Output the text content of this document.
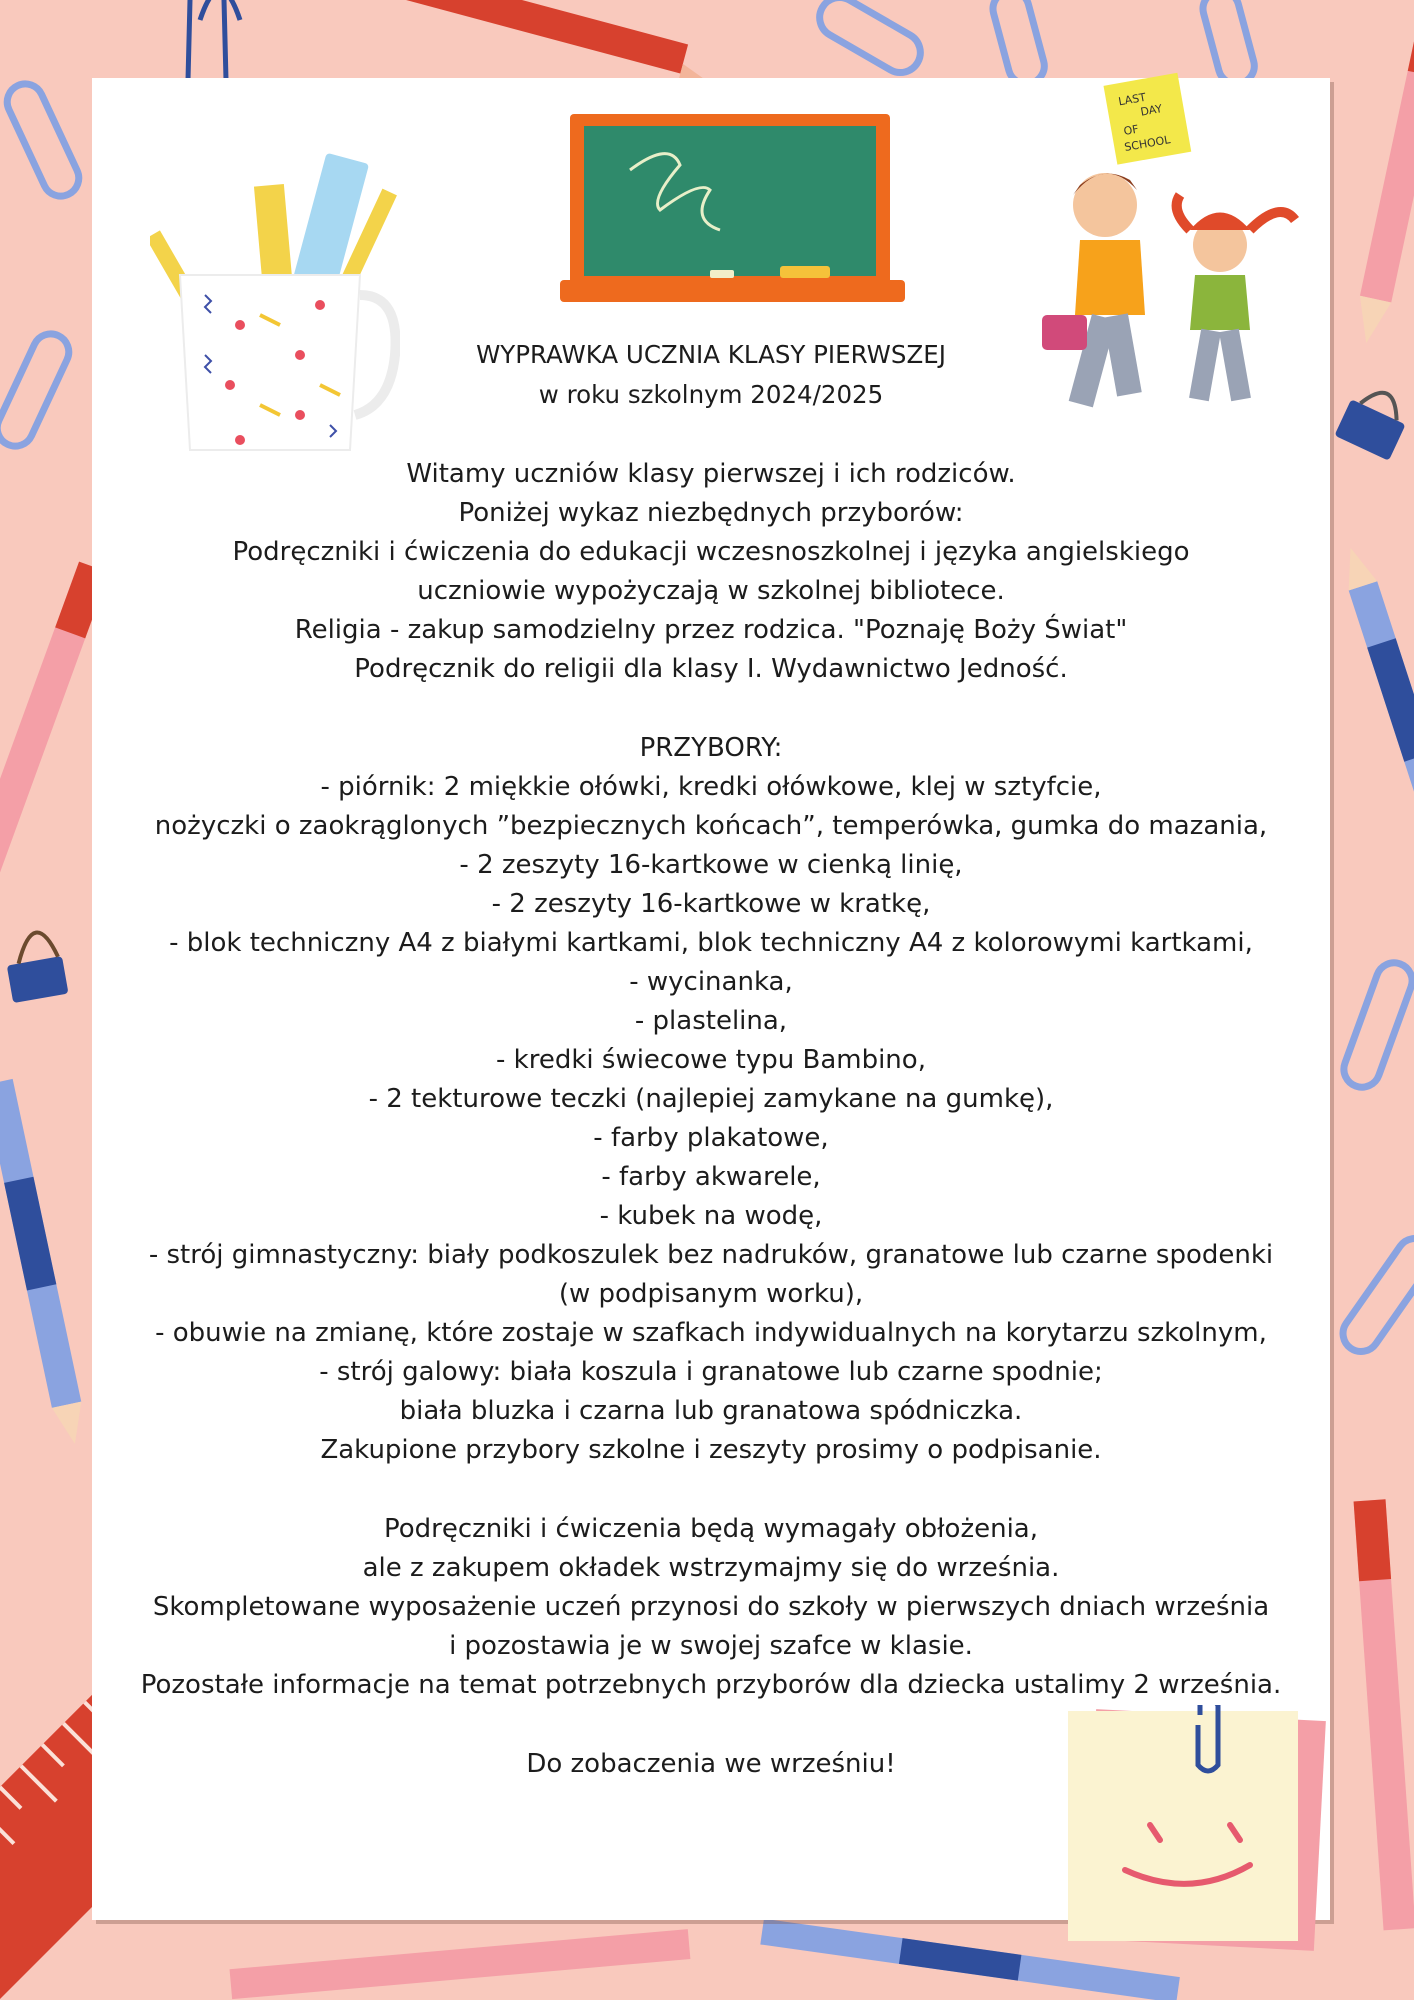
LAST
DAY
OF
SCHOOL

WYPRAWKA UCZNIA KLASY PIERWSZEJ

w roku szkolnym 2024/2025

Witamy uczniów klasy pierwszej i ich rodziców.

Poniżej wykaz niezbędnych przyborów:

Podręczniki i ćwiczenia do edukacji wczesnoszkolnej i języka angielskiego

uczniowie wypożyczają w szkolnej bibliotece.

Religia - zakup samodzielny przez rodzica. "Poznaję Boży Świat"

Podręcznik do religii dla klasy I. Wydawnictwo Jedność.

PRZYBORY:

- piórnik: 2 miękkie ołówki, kredki ołówkowe, klej w sztyfcie,

nożyczki o zaokrąglonych ”bezpiecznych końcach”, temperówka, gumka do mazania,

- 2 zeszyty 16-kartkowe w cienką linię,

- 2 zeszyty 16-kartkowe w kratkę,

- blok techniczny A4 z białymi kartkami, blok techniczny A4 z kolorowymi kartkami,

- wycinanka,

- plastelina,

- kredki świecowe typu Bambino,

- 2 tekturowe teczki (najlepiej zamykane na gumkę),

- farby plakatowe,

- farby akwarele,

- kubek na wodę,

- strój gimnastyczny: biały podkoszulek bez nadruków, granatowe lub czarne spodenki

(w podpisanym worku),

- obuwie na zmianę, które zostaje w szafkach indywidualnych na korytarzu szkolnym,

- strój galowy: biała koszula i granatowe lub czarne spodnie;

biała bluzka i czarna lub granatowa spódniczka.

Zakupione przybory szkolne i zeszyty prosimy o podpisanie.

Podręczniki i ćwiczenia będą wymagały obłożenia,

ale z zakupem okładek wstrzymajmy się do września.

Skompletowane wyposażenie uczeń przynosi do szkoły w pierwszych dniach września

i pozostawia je w swojej szafce w klasie.

Pozostałe informacje na temat potrzebnych przyborów dla dziecka ustalimy 2 września.

Do zobaczenia we wrześniu!
